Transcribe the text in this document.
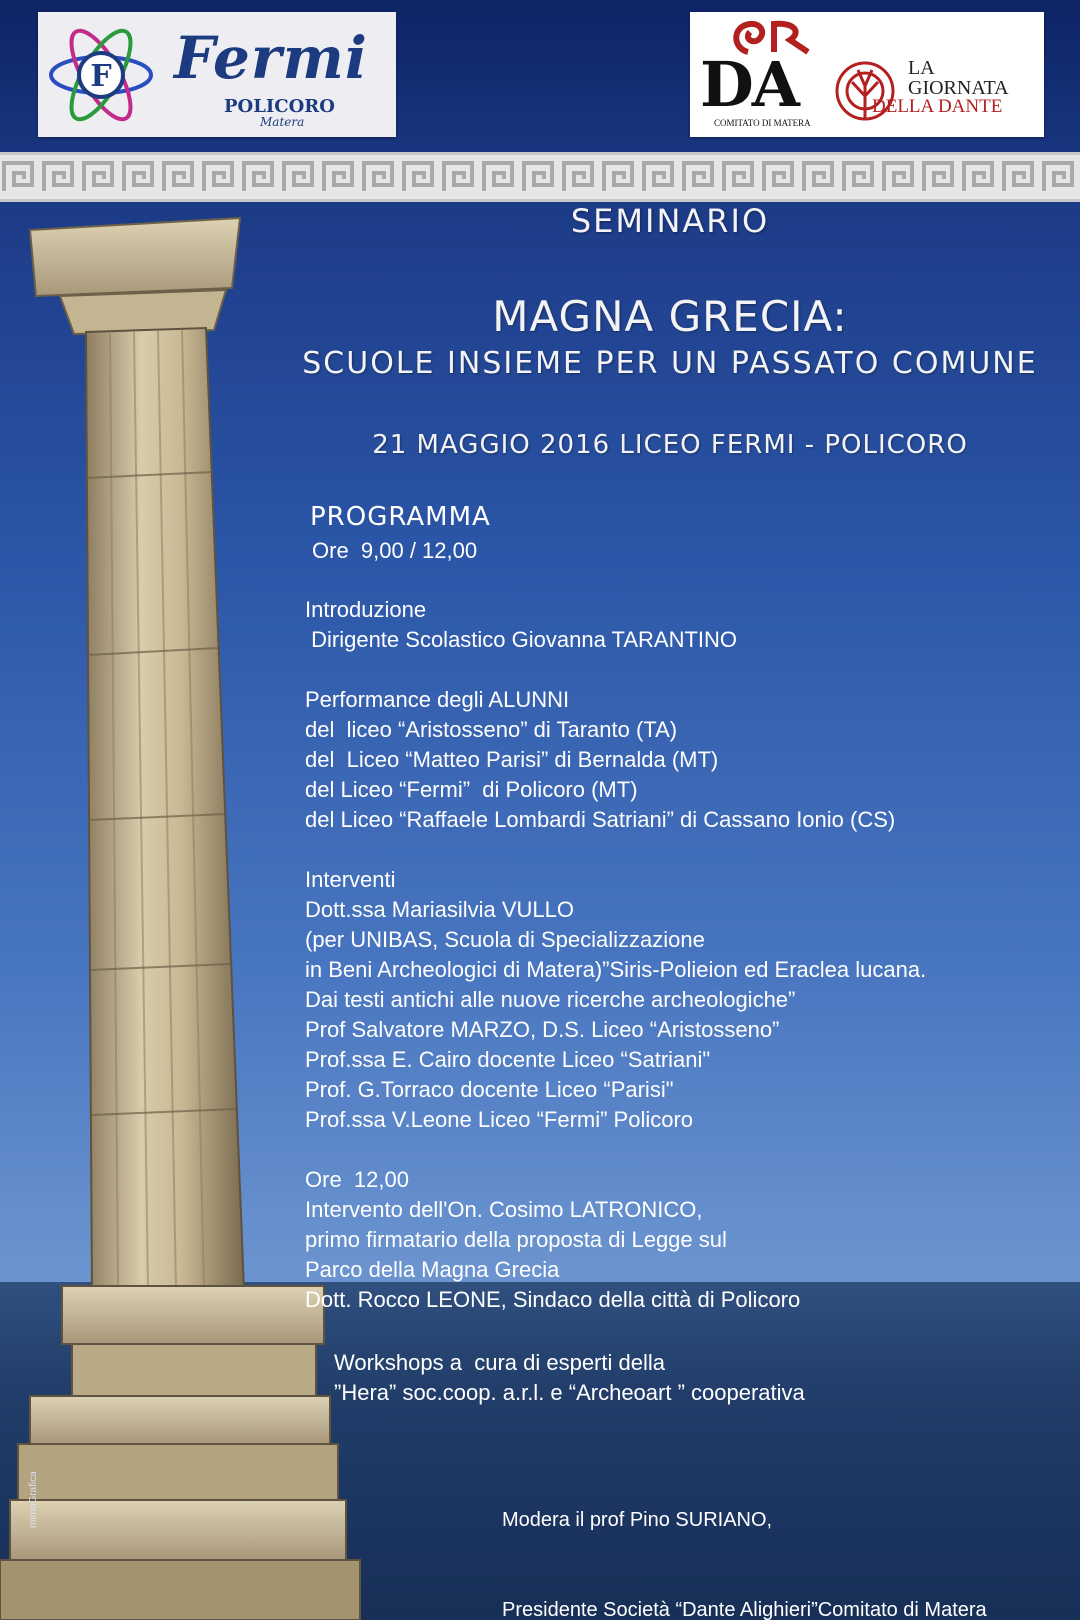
F Fermi
POLICORO
Matera
DA
COMITATO DI MATERA
LA
GIORNATA
DELLA DANTE
SEMINARIO
MAGNA GRECIA:
SCUOLE INSIEME PER UN PASSATO COMUNE
21 MAGGIO 2016 LICEO FERMI - POLICORO
PROGRAMMA
Ore  9,00 / 12,00
Introduzione
Dirigente Scolastico Giovanna TARANTINO
Performance degli ALUNNI
del  liceo “Aristosseno” di Taranto (TA)
del  Liceo “Matteo Parisi” di Bernalda (MT)
del Liceo “Fermi”  di Policoro (MT)
del Liceo “Raffaele Lombardi Satriani” di Cassano Ionio (CS)
Interventi
Dott.ssa Mariasilvia VULLO
(per UNIBAS, Scuola di Specializzazione
in Beni Archeologici di Matera)”Siris-Polieion ed Eraclea lucana.
Dai testi antichi alle nuove ricerche archeologiche”
Prof Salvatore MARZO, D.S. Liceo “Aristosseno”
Prof.ssa E. Cairo docente Liceo “Satriani"
Prof. G.Torraco docente Liceo “Parisi"
Prof.ssa V.Leone Liceo “Fermi” Policoro
Ore  12,00
Intervento dell'On. Cosimo LATRONICO,
primo firmatario della proposta di Legge sul
Parco della Magna Grecia
Dott. Rocco LEONE, Sindaco della città di Policoro
Workshops a  cura di esperti della
”Hera” soc.coop. a.r.l. e “Archeoart ” cooperativa

Modera il prof Pino SURIANO,

Presidente Società “Dante Alighieri”Comitato di Matera

mimoGrafica
